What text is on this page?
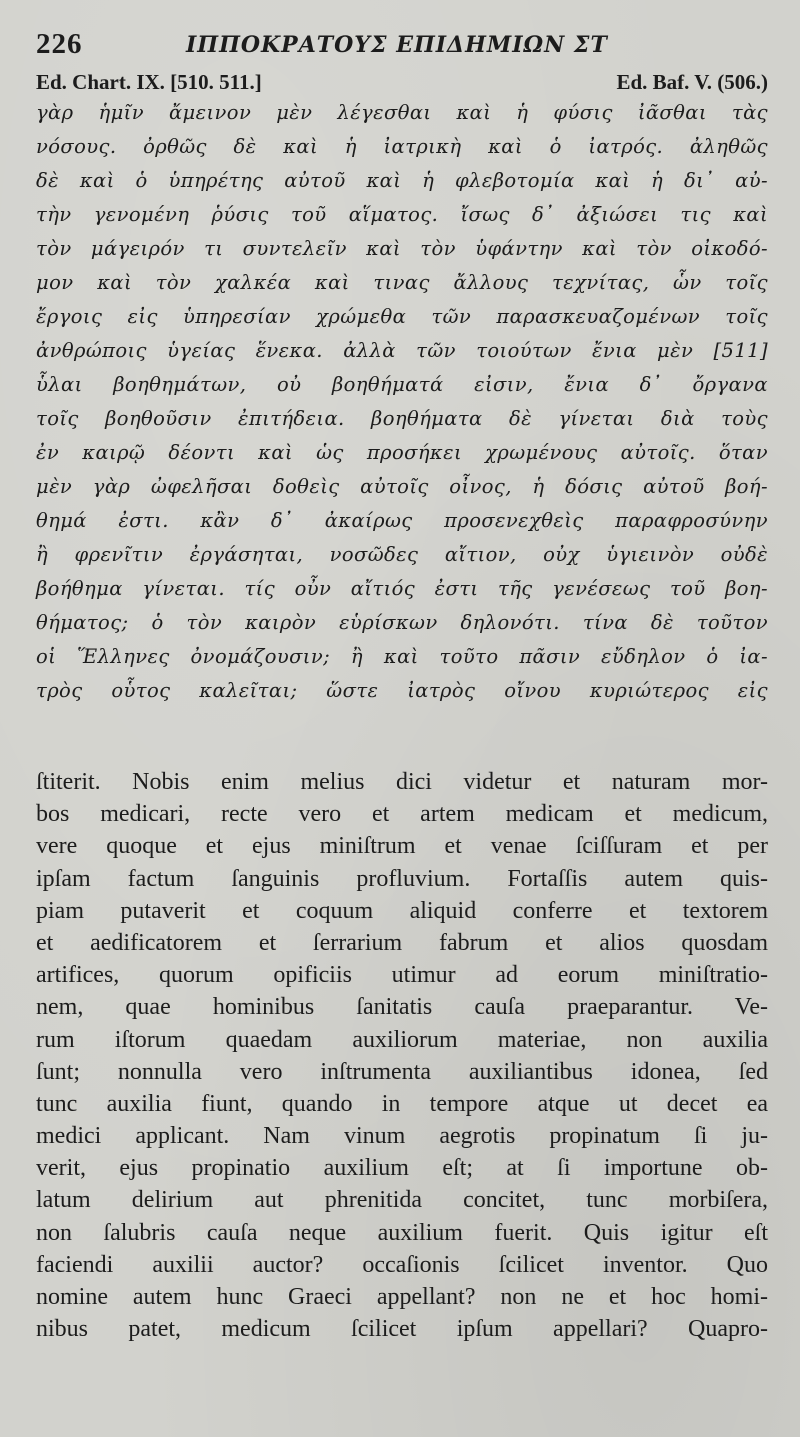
226	ΙΠΠΟΚΡΑΤΟΥΣ ΕΠΙΔΗΜΙΩΝ ΣΤ
Ed. Chart. IX. [510. 511.]	Ed. Baf. V. (506.)
γὰρ ἡμῖν ἄμεινον μὲν λέγεσθαι καὶ ἡ φύσις ἰᾶσθαι τὰς
νόσους. ὀρθῶς δὲ καὶ ἡ ἰατρικὴ καὶ ὁ ἰατρός. ἀληθῶς
δὲ καὶ ὁ ὑπηρέτης αὐτοῦ καὶ ἡ φλεβοτομία καὶ ἡ δι᾿ αὐ-
τὴν γενομένη ῥύσις τοῦ αἵματος. ἴσως δ᾿ ἀξιώσει τις καὶ
τὸν μάγειρόν τι συντελεῖν καὶ τὸν ὑφάντην καὶ τὸν οἰκοδό-
μον καὶ τὸν χαλκέα καὶ τινας ἄλλους τεχνίτας, ὧν τοῖς
ἔργοις εἰς ὑπηρεσίαν χρώμεθα τῶν παρασκευαζομένων τοῖς
ἀνθρώποις ὑγείας ἕνεκα. ἀλλὰ τῶν τοιούτων ἔνια μὲν [511]
ὗλαι βοηθημάτων, οὐ βοηθήματά εἰσιν, ἔνια δ᾿ ὄργανα
τοῖς βοηθοῦσιν ἐπιτήδεια. βοηθήματα δὲ γίνεται διὰ τοὺς
ἐν καιρῷ δέοντι καὶ ὡς προσήκει χρωμένους αὐτοῖς. ὅταν
μὲν γὰρ ὠφελῆσαι δοθεὶς αὐτοῖς οἶνος, ἡ δόσις αὐτοῦ βοή-
θημά ἐστι. κἂν δ᾿ ἀκαίρως προσενεχθεὶς παραφροσύνην
ἢ φρενῖτιν ἐργάσηται, νοσῶδες αἴτιον, οὐχ ὑγιεινὸν οὐδὲ
βοήθημα γίνεται. τίς οὖν αἴτιός ἐστι τῆς γενέσεως τοῦ βοη-
θήματος; ὁ τὸν καιρὸν εὑρίσκων δηλονότι. τίνα δὲ τοῦτον
οἱ Ἕλληνες ὀνομάζουσιν; ἢ καὶ τοῦτο πᾶσιν εὔδηλον ὁ ἰα-
τρὸς οὗτος καλεῖται; ὥστε ἰατρὸς οἴνου κυριώτερος εἰς
ſtiterit. Nobis enim melius dici videtur et naturam mor-
bos medicari, recte vero et artem medicam et medicum,
vere quoque et ejus miniſtrum et venae ſciſſuram et per
ipſam factum ſanguinis profluvium. Fortaſſis autem quis-
piam putaverit et coquum aliquid conferre et textorem
et aedificatorem et ſerrarium fabrum et alios quosdam
artifices, quorum opificiis utimur ad eorum miniſtratio-
nem, quae hominibus ſanitatis cauſa praeparantur. Ve-
rum iſtorum quaedam auxiliorum materiae, non auxilia
ſunt; nonnulla vero inſtrumenta auxiliantibus idonea, ſed
tunc auxilia fiunt, quando in tempore atque ut decet ea
medici applicant. Nam vinum aegrotis propinatum ſi ju-
verit, ejus propinatio auxilium eſt; at ſi importune ob-
latum delirium aut phrenitida concitet, tunc morbiſera,
non ſalubris cauſa neque auxilium fuerit. Quis igitur eſt
faciendi auxilii auctor? occaſionis ſcilicet inventor. Quo
nomine autem hunc Graeci appellant? non ne et hoc homi-
nibus patet, medicum ſcilicet ipſum appellari? Quapro-
